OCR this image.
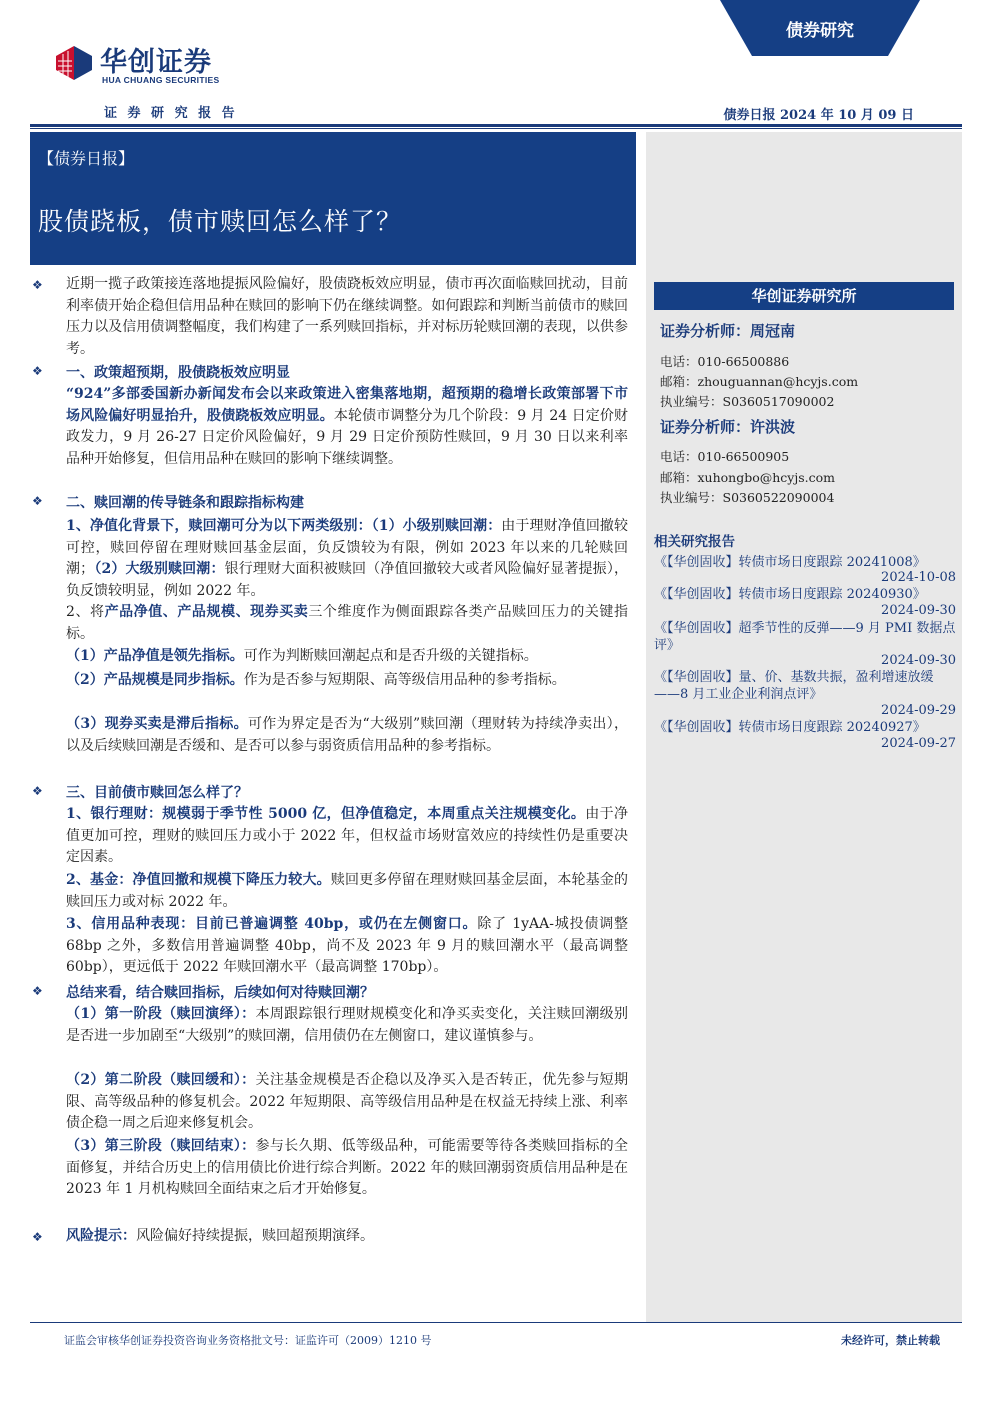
华创证券
HUA CHUANG SECURITIES
债券研究
证 券 研 究 报 告	债券日报 2024 年 10 月 09 日
【债券日报】
股债跷板，债市赎回怎么样了？
华创证券研究所
证券分析师：周冠南
电话：010-66500886
邮箱：zhouguannan@hcyjs.com
执业编号：S0360517090002
证券分析师：许洪波
电话：010-66500905
邮箱：xuhongbo@hcyjs.com
执业编号：S0360522090004
相关研究报告
《【华创固收】转债市场日度跟踪 20241008》
2024-10-08
《【华创固收】转债市场日度跟踪 20240930》
2024-09-30
《【华创固收】超季节性的反弹——9 月 PMI 数据点评》
2024-09-30
《【华创固收】量、价、基数共振，盈利增速放缓——8 月工业企业利润点评》
2024-09-29
《【华创固收】转债市场日度跟踪 20240927》
2024-09-27
❖ 近期一揽子政策接连落地提振风险偏好，股债跷板效应明显，债市再次面临赎回扰动，目前利率债开始企稳但信用品种在赎回的影响下仍在继续调整。如何跟踪和判断当前债市的赎回压力以及信用债调整幅度，我们构建了一系列赎回指标，并对标历轮赎回潮的表现，以供参考。
❖ 一、政策超预期，股债跷板效应明显
“924”多部委国新办新闻发布会以来政策进入密集落地期，超预期的稳增长政策部署下市场风险偏好明显抬升，股债跷板效应明显。本轮债市调整分为几个阶段：9 月 24 日定价财政发力，9 月 26-27 日定价风险偏好，9 月 29 日定价预防性赎回，9 月 30 日以来利率品种开始修复，但信用品种在赎回的影响下继续调整。
❖ 二、赎回潮的传导链条和跟踪指标构建
1、净值化背景下，赎回潮可分为以下两类级别：（1）小级别赎回潮：由于理财净值回撤较可控，赎回停留在理财赎回基金层面，负反馈较为有限，例如 2023 年以来的几轮赎回潮；（2）大级别赎回潮：银行理财大面积被赎回（净值回撤较大或者风险偏好显著提振），负反馈较明显，例如 2022 年。
2、将产品净值、产品规模、现券买卖三个维度作为侧面跟踪各类产品赎回压力的关键指标。
（1）产品净值是领先指标。可作为判断赎回潮起点和是否升级的关键指标。
（2）产品规模是同步指标。作为是否参与短期限、高等级信用品种的参考指标。
（3）现券买卖是滞后指标。可作为界定是否为“大级别”赎回潮（理财转为持续净卖出），以及后续赎回潮是否缓和、是否可以参与弱资质信用品种的参考指标。
❖ 三、目前债市赎回怎么样了？
1、银行理财：规模弱于季节性 5000 亿，但净值稳定，本周重点关注规模变化。由于净值更加可控，理财的赎回压力或小于 2022 年，但权益市场财富效应的持续性仍是重要决定因素。
2、基金：净值回撤和规模下降压力较大。赎回更多停留在理财赎回基金层面，本轮基金的赎回压力或对标 2022 年。
3、信用品种表现：目前已普遍调整 40bp，或仍在左侧窗口。除了 1yAA-城投债调整 68bp 之外，多数信用普遍调整 40bp，尚不及 2023 年 9 月的赎回潮水平（最高调整 60bp），更远低于 2022 年赎回潮水平（最高调整 170bp）。
❖ 总结来看，结合赎回指标，后续如何对待赎回潮？
（1）第一阶段（赎回演绎）：本周跟踪银行理财规模变化和净买卖变化，关注赎回潮级别是否进一步加剧至“大级别”的赎回潮，信用债仍在左侧窗口，建议谨慎参与。
（2）第二阶段（赎回缓和）：关注基金规模是否企稳以及净买入是否转正，优先参与短期限、高等级品种的修复机会。2022 年短期限、高等级信用品种是在权益无持续上涨、利率债企稳一周之后迎来修复机会。
（3）第三阶段（赎回结束）：参与长久期、低等级品种，可能需要等待各类赎回指标的全面修复，并结合历史上的信用债比价进行综合判断。2022 年的赎回潮弱资质信用品种是在 2023 年 1 月机构赎回全面结束之后才开始修复。
❖ 风险提示：风险偏好持续提振，赎回超预期演绎。
证监会审核华创证券投资咨询业务资格批文号：证监许可（2009）1210 号	未经许可，禁止转载
